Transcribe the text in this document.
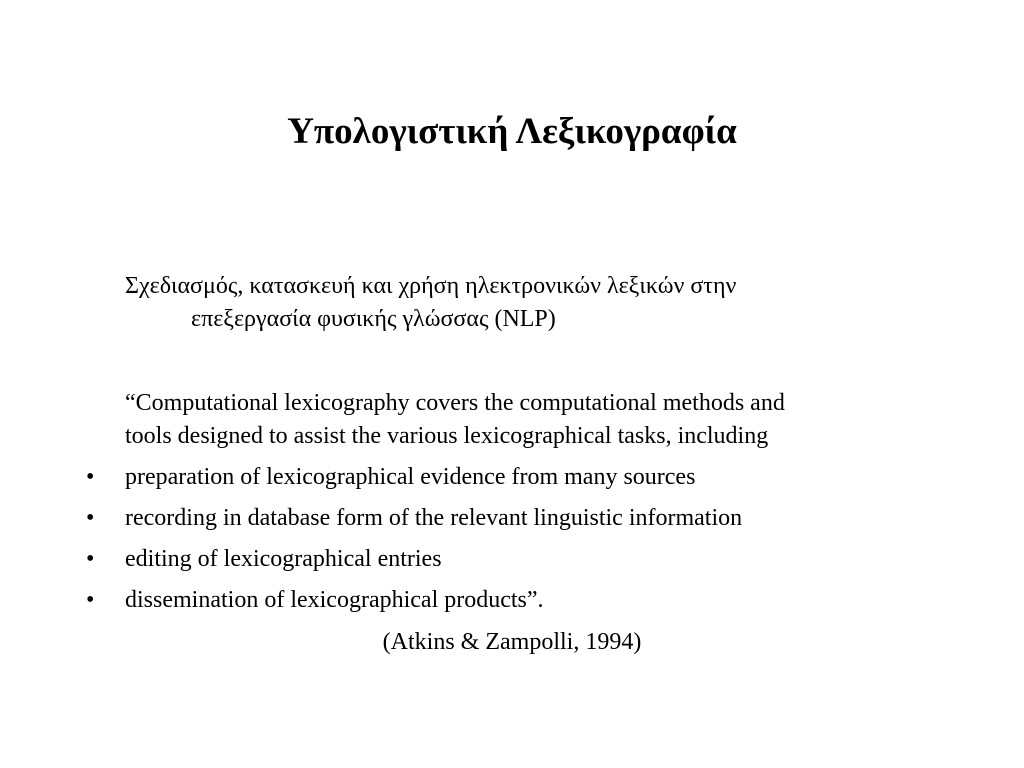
Υπολογιστική Λεξικογραφία
Σχεδιασμός, κατασκευή και χρήση ηλεκτρονικών λεξικών στην
επεξεργασία φυσικής γλώσσας (NLP)
“Computational lexicography covers the computational methods and
tools designed to assist the various lexicographical tasks, including
• preparation of lexicographical evidence from many sources
• recording in database form of the relevant linguistic information
• editing of lexicographical entries
• dissemination of lexicographical products”.
(Atkins & Zampolli, 1994)
